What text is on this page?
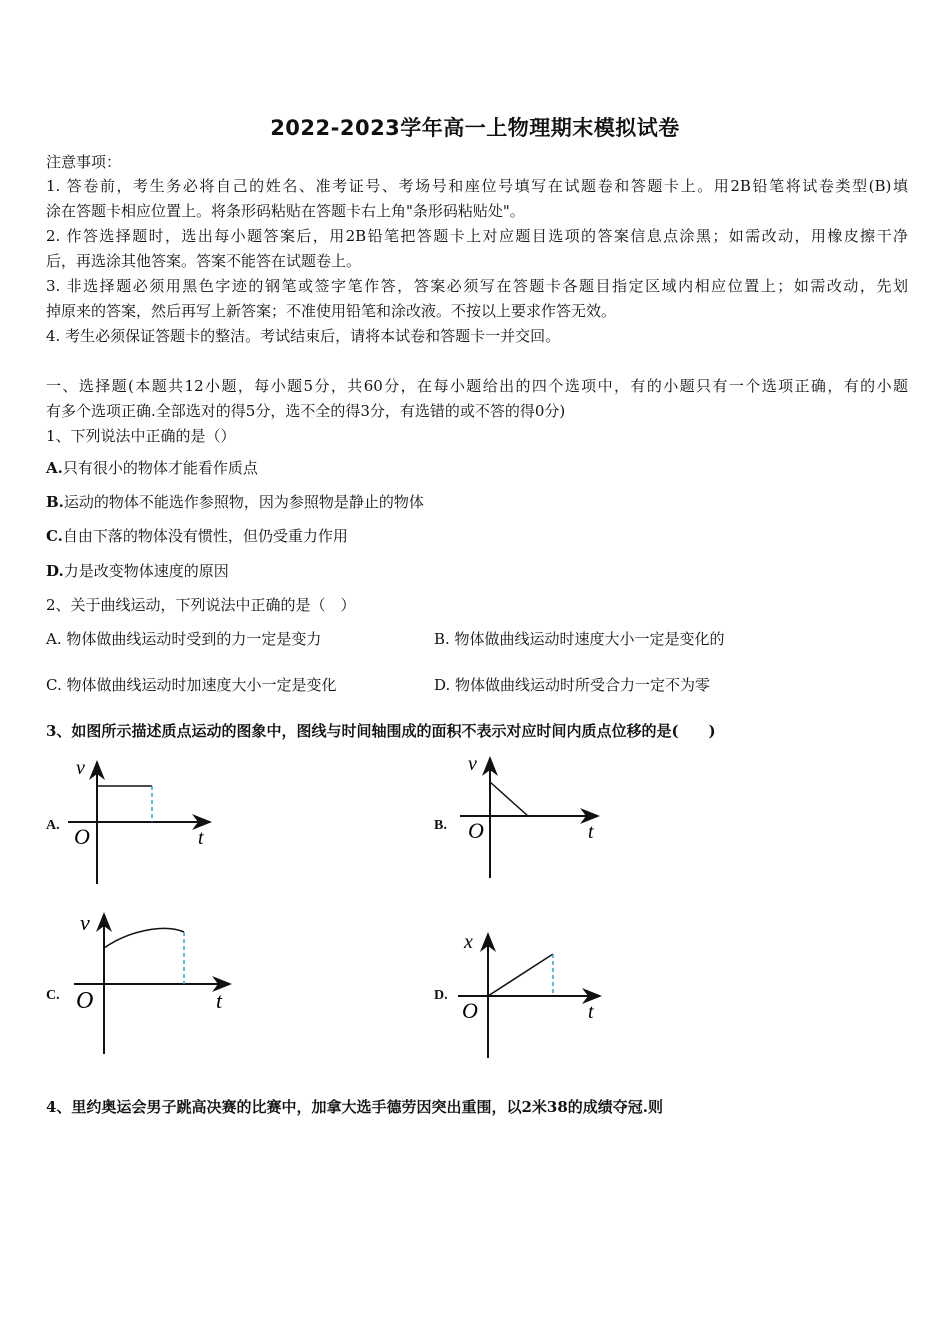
2022-2023学年高一上物理期末模拟试卷
注意事项：
1. 答卷前，考生务必将自己的姓名、准考证号、考场号和座位号填写在试题卷和答题卡上。用2B铅笔将试卷类型(B)填
涂在答题卡相应位置上。将条形码粘贴在答题卡右上角"条形码粘贴处"。
2. 作答选择题时，选出每小题答案后，用2B铅笔把答题卡上对应题目选项的答案信息点涂黑；如需改动，用橡皮擦干净
后，再选涂其他答案。答案不能答在试题卷上。
3. 非选择题必须用黑色字迹的钢笔或签字笔作答，答案必须写在答题卡各题目指定区域内相应位置上；如需改动，先划
掉原来的答案，然后再写上新答案；不准使用铅笔和涂改液。不按以上要求作答无效。
4. 考生必须保证答题卡的整洁。考试结束后，请将本试卷和答题卡一并交回。
一、选择题(本题共12小题，每小题5分，共60分，在每小题给出的四个选项中，有的小题只有一个选项正确，有的小题
有多个选项正确.全部选对的得5分，选不全的得3分，有选错的或不答的得0分)
1、下列说法中正确的是（）
A.只有很小的物体才能看作质点
B.运动的物体不能选作参照物，因为参照物是静止的物体
C.自由下落的物体没有惯性，但仍受重力作用
D.力是改变物体速度的原因
2、关于曲线运动，下列说法中正确的是（　）
A. 物体做曲线运动时受到的力一定是变力	B. 物体做曲线运动时速度大小一定是变化的
C. 物体做曲线运动时加速度大小一定是变化	D. 物体做曲线运动时所受合力一定不为零
3、如图所示描述质点运动的图象中，图线与时间轴围成的面积不表示对应时间内质点位移的是(　　)
A.
v
O	t
B.
v
O	t
C.
v
O	t	D.
x
O	t
4、里约奥运会男子跳高决赛的比赛中，加拿大选手德劳因突出重围，以2米38的成绩夺冠.则
